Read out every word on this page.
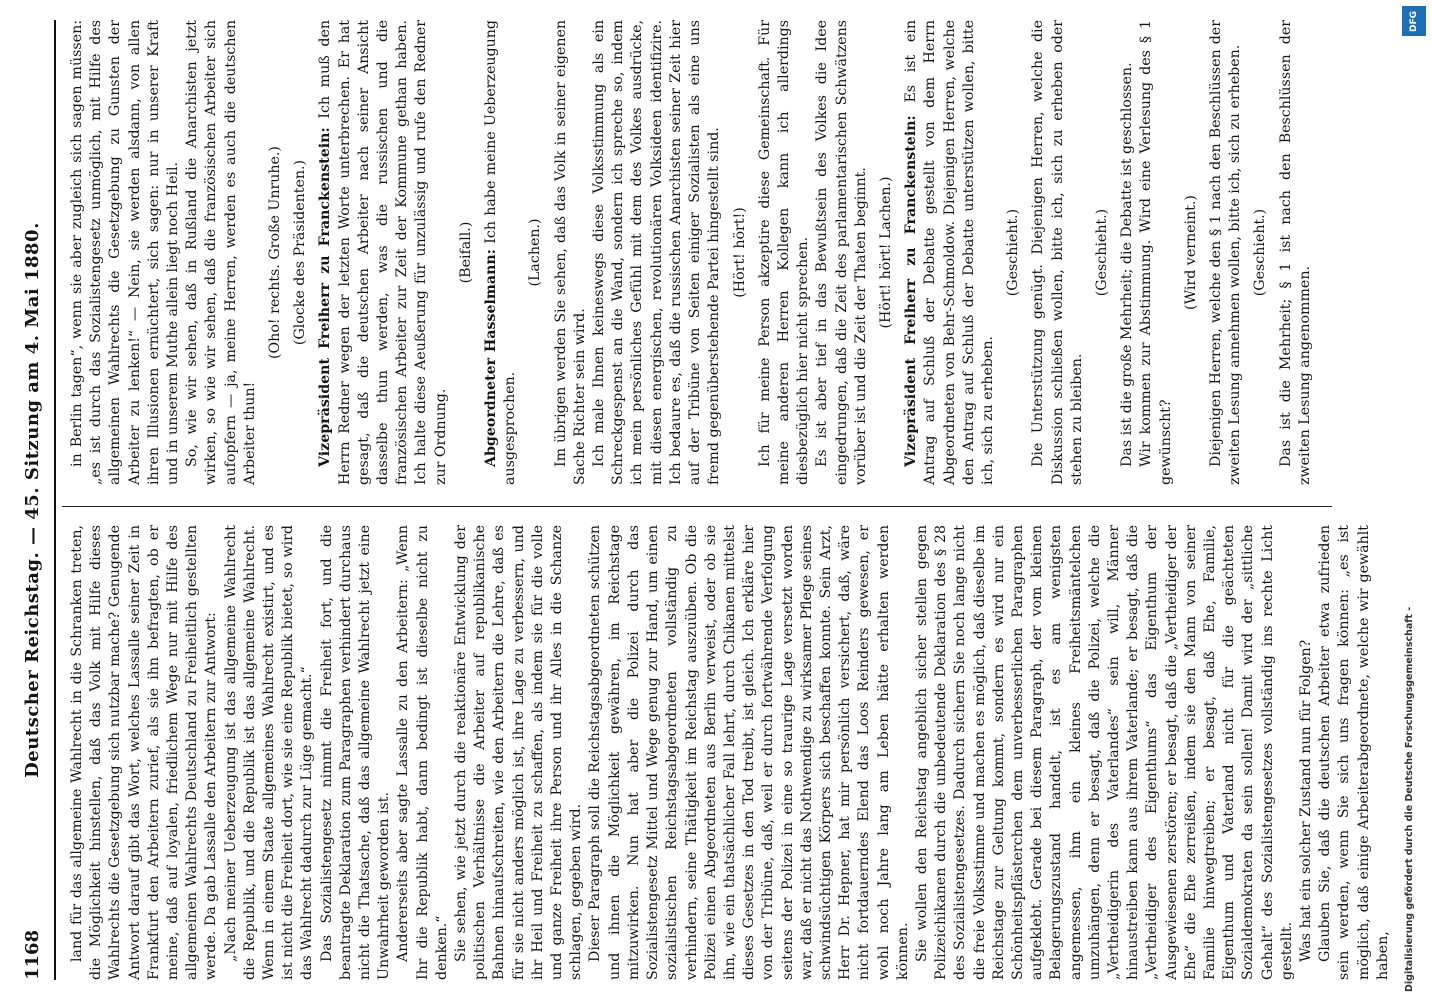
1168
Deutscher Reichstag. — 45. Sitzung am 4. Mai 1880. land für das allgemeine Wahlrecht in die Schranken treten, die Möglichkeit hinstellen, daß das Volk mit Hilfe dieses Wahlrechts die Gesetzgebung sich nutzbar mache? Genugende Antwort darauf gibt das Wort, welches Lassalle seiner Zeit in Frankfurt den Arbeitern zurief, als sie ihn befragten, ob er meine, daß auf loyalen, friedlichem Wege nur mit Hilfe des allgemeinen Wahlrechts Deutschland zu Freiheitlich gestellten werde. Da gab Lassalle den Arbeitern zur Antwort: „Nach meiner Ueberzeugung ist das allgemeine Wahlrecht die Republik, und die Republik ist das allgemeine Wahlrecht. Wenn in einem Staate allgemeines Wahlrecht existirt, und es ist nicht die Freiheit dort, wie sie eine Republik bietet, so wird das Wahlrecht dadurch zur Lüge gemacht.“ Das Sozialistengesetz nimmt die Freiheit fort, und die beantragte Deklaration zum Paragraphen verhindert durchaus nicht die Thatsache, daß das allgemeine Wahlrecht jetzt eine Unwahrheit geworden ist. Andererseits aber sagte Lassalle zu den Arbeitern: „Wenn Ihr die Republik habt, dann bedingt ist dieselbe nicht zu denken.“ Sie sehen, wie jetzt durch die reaktionäre Entwicklung der politischen Verhältnisse die Arbeiter auf republikanische Bahnen hinaufschreiten, wie den Arbeitern die Lehre, daß es für sie nicht anders möglich ist, ihre Lage zu verbessern, und ihr Heil und Freiheit zu schaffen, als indem sie für die volle und ganze Freiheit ihre Person und ihr Alles in die Schanze schlagen, gegeben wird. Dieser Paragraph soll die Reichstagsabgeordneten schützen und ihnen die Möglichkeit gewähren, im Reichstage mitzuwirken. Nun hat aber die Polizei durch das Sozialistengesetz Mittel und Wege genug zur Hand, um einen sozialistischen Reichstagsabgeordneten vollständig zu verhindern, seine Thätigkeit im Reichstag auszuüben. Ob die Polizei einen Abgeordneten aus Berlin verweist, oder ob sie ihn, wie ein thatsächlicher Fall lehrt, durch Chikanen mittelst dieses Gesetzes in den Tod treibt, ist gleich. Ich erkläre hier von der Tribüne, daß, weil er durch fortwährende Verfolgung seitens der Polizei in eine so traurige Lage versetzt worden war, daß er nicht das Nothwendige zu wirksamer Pflege seines schwindsüchtigen Körpers sich beschaffen konnte. Sein Arzt, Herr Dr. Hepner, hat mir persönlich versichert, daß, wäre nicht fortdauerndes Elend das Loos Reinders gewesen, er wohl noch Jahre lang am Leben hätte erhalten werden können. Sie wollen den Reichstag angeblich sicher stellen gegen Polizeichikanen durch die unbedeutende Deklaration des § 28 des Sozialistengesetzes. Dadurch sichern Sie noch lange nicht die freie Volksstimme und machen es möglich, daß dieselbe im Reichstage zur Geltung kommt, sondern es wird nur ein Schönheitspflästerchen dem unverbesserlichen Paragraphen aufgeklebt. Gerade bei diesem Paragraph, der vom kleinen Belagerungszustand handelt, ist es am wenigsten angemessen, ihm ein kleines Freiheitsmäntelchen umzuhängen, denn er besagt, daß die Polizei, welche die „Vertheidigerin des Vaterlandes“ sein will, Männer hinaustreiben kann aus ihrem Vaterlande; er besagt, daß die „Vertheidiger des Eigenthums“ das Eigenthum der Ausgewiesenen zerstören; er besagt, daß die „Vertheidiger der Ehe“ die Ehe zerreißen, indem sie den Mann von seiner Familie hinwegtreiben; er besagt, daß Ehe, Familie, Eigenthum und Vaterland nicht für die geächteten Sozialdemokraten da sein sollen! Damit wird der „sittliche Gehalt“ des Sozialistengesetzes vollständig ins rechte Licht gestellt. Was hat ein solcher Zustand nun für Folgen? Glauben Sie, daß die deutschen Arbeiter etwa zufrieden sein werden, wenn Sie sich uns fragen können: „es ist möglich, daß einige Arbeiterabgeordnete, welche wir gewählt haben,

in Berlin tagen“, wenn sie aber zugleich sich sagen müssen: „es ist durch das Sozialistengesetz unmöglich, mit Hilfe des allgemeinen Wahlrechts die Gesetzgebung zu Gunsten der Arbeiter zu lenken!“ — Nein, sie werden alsdann, von allen ihren Illusionen ernüchtert, sich sagen: nur in unserer Kraft und in unserem Muthe allein liegt noch Heil. So, wie wir sehen, daß in Rußland die Anarchisten jetzt wirken, so wie wir sehen, daß die französischen Arbeiter sich aufopfern — ja, meine Herren, werden es auch die deutschen Arbeiter thun!

(Oho! rechts. Große Unruhe.) (Glocke des Präsidenten.) Vizepräsident Freiherr zu Franckenstein: Ich muß den Herrn Redner wegen der letzten Worte unterbrechen. Er hat gesagt, daß die deutschen Arbeiter nach seiner Ansicht dasselbe thun werden, was die russischen und die französischen Arbeiter zur Zeit der Kommune gethan haben. Ich halte diese Aeußerung für unzulässig und rufe den Redner zur Ordnung.

(Beifall.) Abgeordneter Hasselmann: Ich habe meine Ueberzeugung ausgesprochen.

(Lachen.) Im übrigen werden Sie sehen, daß das Volk in seiner eigenen Sache Richter sein wird. Ich male Ihnen keineswegs diese Volksstimmung als ein Schreckgespenst an die Wand, sondern ich spreche so, indem ich mein persönliches Gefühl mit dem des Volkes ausdrücke, mit diesen energischen, revolutionären Volksideen identifizire. Ich bedaure es, daß die russischen Anarchisten seiner Zeit hier auf der Tribüne von Seiten einiger Sozialisten als eine uns fremd gegenüberstehende Partei hingestellt sind. (Hört! hört!) Ich für meine Person akzeptire diese Gemeinschaft. Für meine anderen Herren Kollegen kann ich allerdings diesbezüglich hier nicht sprechen. Es ist aber tief in das Bewußtsein des Volkes die Idee eingedrungen, daß die Zeit des parlamentarischen Schwätzens vorüber ist und die Zeit der Thaten beginnt. (Hört! hört! Lachen.) Vizepräsident Freiherr zu Franckenstein: Es ist ein Antrag auf Schluß der Debatte gestellt von dem Herrn Abgeordneten von Behr-Schmoldow. Diejenigen Herren, welche den Antrag auf Schluß der Debatte unterstützen wollen, bitte ich, sich zu erheben.

(Geschieht.) Die Unterstützung genügt. Diejenigen Herren, welche die Diskussion schließen wollen, bitte ich, sich zu erheben oder stehen zu bleiben.

(Geschieht.) Das ist die große Mehrheit; die Debatte ist geschlossen. Wir kommen zur Abstimmung. Wird eine Verlesung des § 1 gewünscht?

(Wird verneint.) Diejenigen Herren, welche den § 1 nach den Beschlüssen der zweiten Lesung annehmen wollen, bitte ich, sich zu erheben. (Geschieht.) Das ist die Mehrheit; § 1 ist nach den Beschlüssen der zweiten Lesung angenommen.

DFG
Digitalisierung gefördert durch die Deutsche Forschungsgemeinschaft -
